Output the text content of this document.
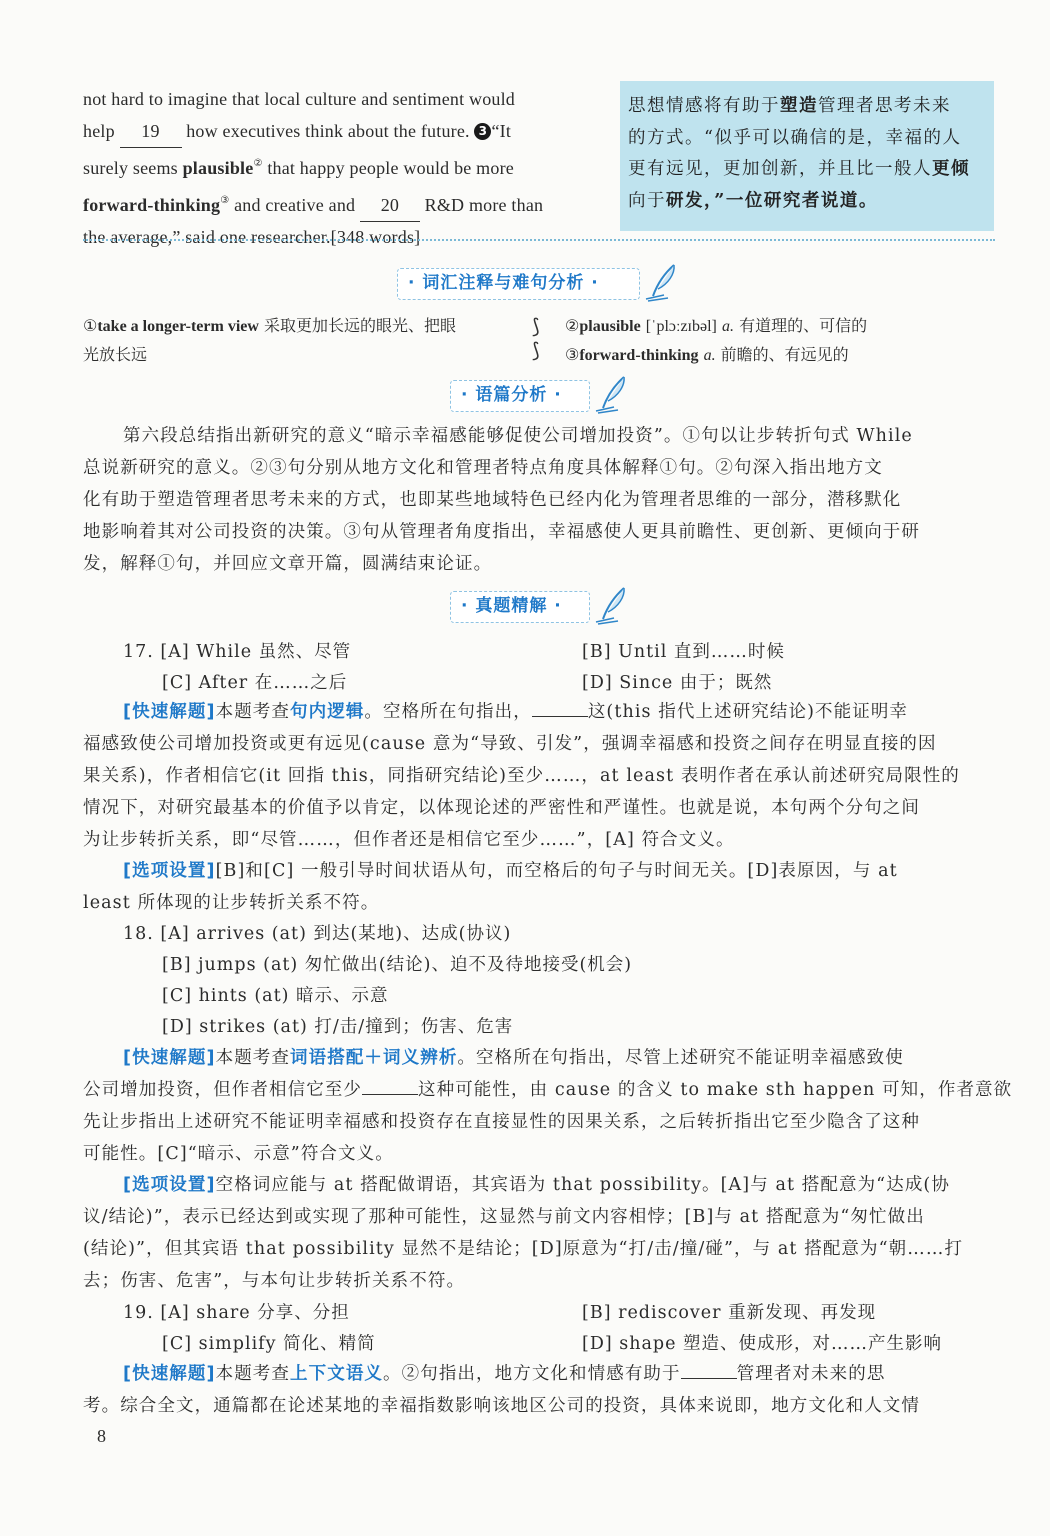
not hard to imagine that local culture and sentiment would
help 19 how executives think about the future. 3 “It
surely seems plausible② that happy people would be more
forward-thinking③ and creative and 20 R&D more than
the average,” said one researcher.[348 words]
思想情感将有助于塑造管理者思考未来
的方式。“似乎可以确信的是，幸福的人
更有远见，更加创新，并且比一般人更倾
向于研发，”一位研究者说道。
· 词汇注释与难句分析 ·
①take a longer-term view 采取更加长远的眼光、把眼
光放长远
⟆
⟆
②plausible [ˈplɔːzɪbəl] a. 有道理的、可信的
③forward-thinking a. 前瞻的、有远见的
· 语篇分析 ·
第六段总结指出新研究的意义“暗示幸福感能够促使公司增加投资”。①句以让步转折句式 While
总说新研究的意义。②③句分别从地方文化和管理者特点角度具体解释①句。②句深入指出地方文
化有助于塑造管理者思考未来的方式，也即某些地域特色已经内化为管理者思维的一部分，潜移默化
地影响着其对公司投资的决策。③句从管理者角度指出，幸福感使人更具前瞻性、更创新、更倾向于研
发，解释①句，并回应文章开篇，圆满结束论证。
· 真题精解 ·
17. [A] While 虽然、尽管	[B] Until 直到……时候
[C] After 在……之后	[D] Since 由于；既然
[快速解题]本题考查句内逻辑。空格所在句指出，	这(this 指代上述研究结论)不能证明幸
福感致使公司增加投资或更有远见(cause 意为“导致、引发”，强调幸福感和投资之间存在明显直接的因
果关系)，作者相信它(it 回指 this，同指研究结论)至少……，at least 表明作者在承认前述研究局限性的
情况下，对研究最基本的价值予以肯定，以体现论述的严密性和严谨性。也就是说，本句两个分句之间
为让步转折关系，即“尽管……，但作者还是相信它至少……”，[A] 符合文义。
[选项设置][B]和[C] 一般引导时间状语从句，而空格后的句子与时间无关。[D]表原因，与 at
least 所体现的让步转折关系不符。
18. [A] arrives (at) 到达(某地)、达成(协议)
[B] jumps (at) 匆忙做出(结论)、迫不及待地接受(机会)
[C] hints (at) 暗示、示意
[D] strikes (at) 打/击/撞到；伤害、危害
[快速解题]本题考查词语搭配＋词义辨析。空格所在句指出，尽管上述研究不能证明幸福感致使
公司增加投资，但作者相信它至少	这种可能性，由 cause 的含义 to make sth happen 可知，作者意欲
先让步指出上述研究不能证明幸福感和投资存在直接显性的因果关系，之后转折指出它至少隐含了这种
可能性。[C]“暗示、示意”符合文义。
[选项设置]空格词应能与 at 搭配做谓语，其宾语为 that possibility。[A]与 at 搭配意为“达成(协
议/结论)”，表示已经达到或实现了那种可能性，这显然与前文内容相悖；[B]与 at 搭配意为“匆忙做出
(结论)”，但其宾语 that possibility 显然不是结论；[D]原意为“打/击/撞/碰”，与 at 搭配意为“朝……打
去；伤害、危害”，与本句让步转折关系不符。
19. [A] share 分享、分担	[B] rediscover 重新发现、再发现
[C] simplify 简化、精简	[D] shape 塑造、使成形，对……产生影响
[快速解题]本题考查上下文语义。②句指出，地方文化和情感有助于	管理者对未来的思
考。综合全文，通篇都在论述某地的幸福指数影响该地区公司的投资，具体来说即，地方文化和人文情
8
